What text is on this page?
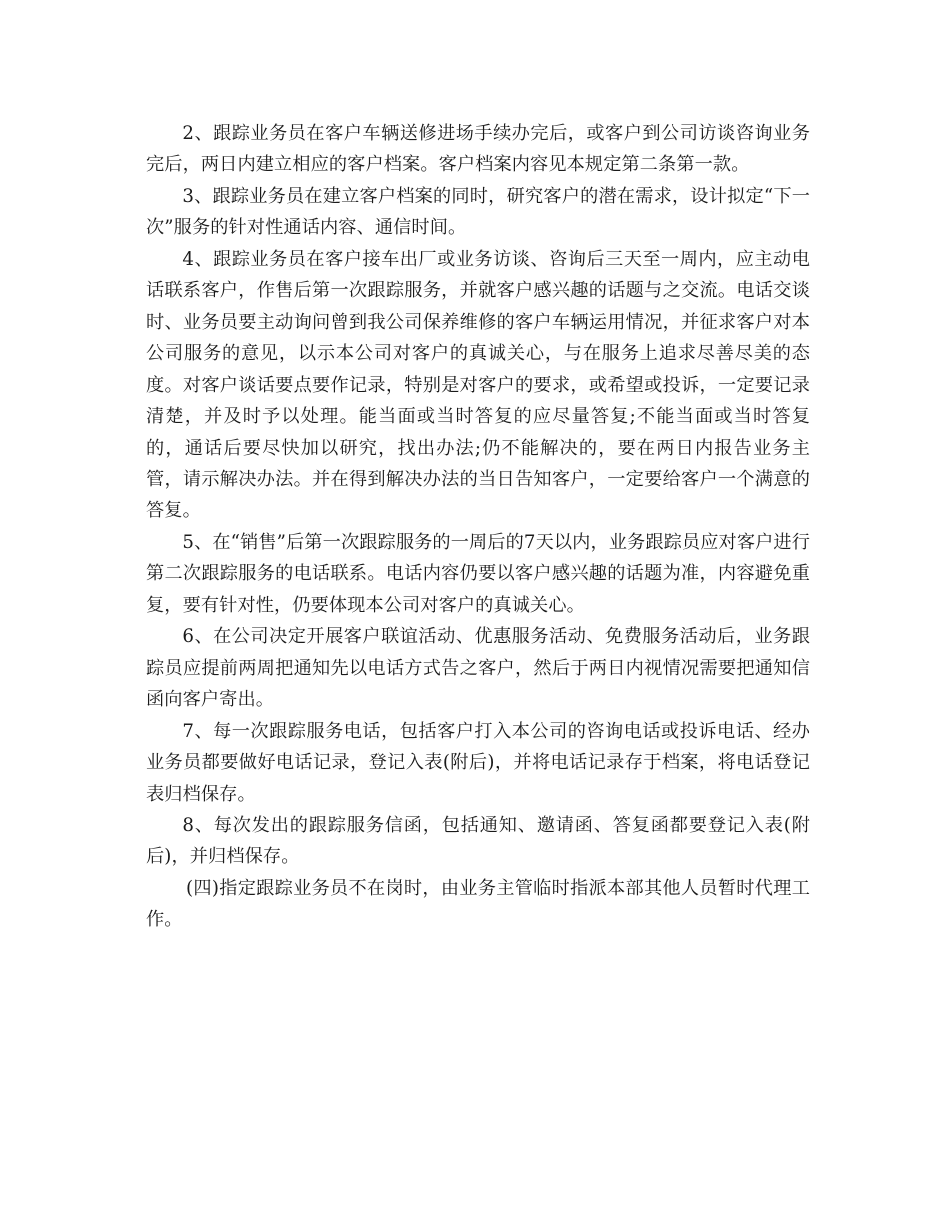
2、跟踪业务员在客户车辆送修进场手续办完后，或客户到公司访谈咨询业务完后，两日内建立相应的客户档案。客户档案内容见本规定第二条第一款。

3、跟踪业务员在建立客户档案的同时，研究客户的潜在需求，设计拟定“下一次”服务的针对性通话内容、通信时间。

4、跟踪业务员在客户接车出厂或业务访谈、咨询后三天至一周内，应主动电话联系客户，作售后第一次跟踪服务，并就客户感兴趣的话题与之交流。电话交谈时、业务员要主动询问曾到我公司保养维修的客户车辆运用情况，并征求客户对本公司服务的意见，以示本公司对客户的真诚关心，与在服务上追求尽善尽美的态度。对客户谈话要点要作记录，特别是对客户的要求，或希望或投诉，一定要记录清楚，并及时予以处理。能当面或当时答复的应尽量答复;不能当面或当时答复的，通话后要尽快加以研究，找出办法;仍不能解决的，要在两日内报告业务主管，请示解决办法。并在得到解决办法的当日告知客户，一定要给客户一个满意的答复。

5、在“销售”后第一次跟踪服务的一周后的7天以内，业务跟踪员应对客户进行第二次跟踪服务的电话联系。电话内容仍要以客户感兴趣的话题为准，内容避免重复，要有针对性，仍要体现本公司对客户的真诚关心。

6、在公司决定开展客户联谊活动、优惠服务活动、免费服务活动后，业务跟踪员应提前两周把通知先以电话方式告之客户，然后于两日内视情况需要把通知信函向客户寄出。

7、每一次跟踪服务电话，包括客户打入本公司的咨询电话或投诉电话、经办业务员都要做好电话记录，登记入表(附后)，并将电话记录存于档案，将电话登记表归档保存。

8、每次发出的跟踪服务信函，包括通知、邀请函、答复函都要登记入表(附后)，并归档保存。

(四)指定跟踪业务员不在岗时，由业务主管临时指派本部其他人员暂时代理工作。
